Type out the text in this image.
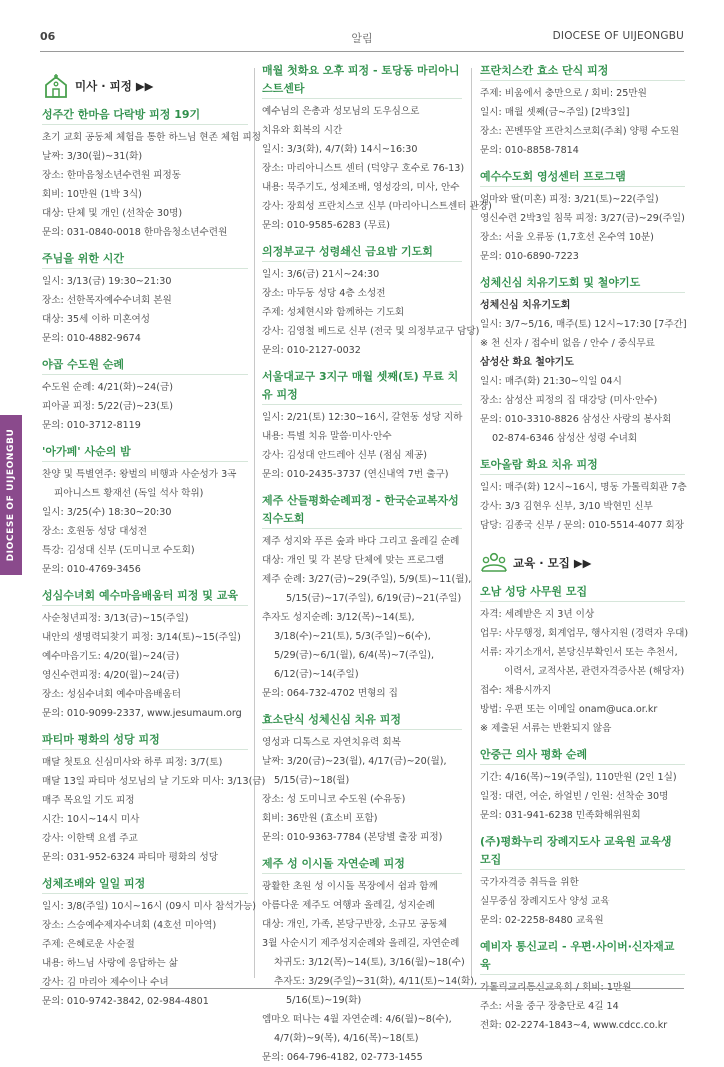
06	알림	DIOCESE OF UIJEONGBU
DIOCESE OF UIJEONGBU
미사 · 피정 ▶▶
성주간 한마음 다락방 피정 19기

초기 교회 공동체 체험을 통한 하느님 현존 체험 피정

날짜: 3/30(월)~31(화)

장소: 한마음청소년수련원 피정동

회비: 10만원 (1박 3식)

대상: 단체 및 개인 (선착순 30명)

문의: 031-0840-0018 한마음청소년수련원

주님을 위한 시간

일시: 3/13(금) 19:30~21:30

장소: 선한목자예수수녀회 본원

대상: 35세 이하 미혼여성

문의: 010-4882-9674

야곱 수도원 순례

수도원 순례: 4/21(화)~24(금)

피아골 피정: 5/22(금)~23(토)

문의: 010-3712-8119

'아가페' 사순의 밤

찬양 및 특별연주: 왕벌의 비행과 사순성가 3곡

피아니스트 황재선 (독일 석사 학위)

일시: 3/25(수) 18:30~20:30

장소: 호원동 성당 대성전

특강: 김성대 신부 (도미니코 수도회)

문의: 010-4769-3456

성심수녀회 예수마음배움터 피정 및 교육

사순청년피정: 3/13(금)~15(주일)

내안의 생명력되찾기 피정: 3/14(토)~15(주일)

예수마음기도: 4/20(월)~24(금)

영신수련피정: 4/20(월)~24(금)

장소: 성심수녀회 예수마음배움터

문의: 010-9099-2337, www.jesumaum.org

파티마 평화의 성당 피정

매달 첫토요 신심미사와 하루 피정: 3/7(토)

매달 13일 파티마 성모님의 날 기도와 미사: 3/13(금)

매주 목요일 기도 피정

시간: 10시~14시 미사

강사: 이한택 요셉 주교

문의: 031-952-6324 파티마 평화의 성당

성체조배와 일일 피정

일시: 3/8(주일) 10시~16시 (09시 미사 참석가능)

장소: 스승예수제자수녀회 (4호선 미아역)

주제: 은혜로운 사순절

내용: 하느님 사랑에 응답하는 삶

강사: 김 마리아 제수이나 수녀

문의: 010-9742-3842, 02-984-4801

매월 첫화요 오후 피정 - 토당동 마리아니스트센타

예수님의 은총과 성모님의 도우심으로

치유와 회복의 시간

일시: 3/3(화), 4/7(화) 14시~16:30

장소: 마리아니스트 센터 (덕양구 호수로 76-13)

내용: 묵주기도, 성체조배, 영성강의, 미사, 안수

강사: 장희성 프란치스코 신부 (마리아니스트센터 관장)

문의: 010-9585-6283 (무료)

의정부교구 성령쇄신 금요밤 기도회

일시: 3/6(금) 21시~24:30

장소: 마두동 성당 4층 소성전

주제: 성체현시와 함께하는 기도회

강사: 김영철 베드로 신부 (전국 및 의정부교구 담당)

문의: 010-2127-0032

서울대교구 3지구 매월 셋째(토) 무료 치유 피정

일시: 2/21(토) 12:30~16시, 갈현동 성당 지하

내용: 특별 치유 말씀·미사·안수

강사: 김성대 안드레아 신부 (점심 제공)

문의: 010-2435-3737 (연신내역 7번 출구)

제주 산들평화순례피정 - 한국순교복자성직수도회

제주 성지와 푸른 숲과 바다 그리고 올레길 순례

대상: 개인 및 각 본당 단체에 맞는 프로그램

제주 순례: 3/27(금)~29(주일), 5/9(토)~11(월),

5/15(금)~17(주일), 6/19(금)~21(주일)

추자도 성지순례: 3/12(목)~14(토),

3/18(수)~21(토), 5/3(주일)~6(수),

5/29(금)~6/1(월), 6/4(목)~7(주일),

6/12(금)~14(주일)

문의: 064-732-4702 면형의 집

효소단식 성체신심 치유 피정

영성과 디톡스로 자연치유력 회복

날짜: 3/20(금)~23(월), 4/17(금)~20(월),

5/15(금)~18(월)

장소: 성 도미니코 수도원 (수유동)

회비: 36만원 (효소비 포함)

문의: 010-9363-7784 (본당별 출장 피정)

제주 성 이시돌 자연순례 피정

광활한 초원 성 이시돌 목장에서 쉼과 함께

아름다운 제주도 여행과 올레길, 성지순례

대상: 개인, 가족, 본당구반장, 소규모 공동체

3월 사순시기 제주성지순례와 올레길, 자연순례

차귀도: 3/12(목)~14(토), 3/16(월)~18(수)

추자도: 3/29(주일)~31(화), 4/11(토)~14(화),

5/16(토)~19(화)

엠마오 떠나는 4월 자연순례: 4/6(월)~8(수),

4/7(화)~9(목), 4/16(목)~18(토)

문의: 064-796-4182, 02-773-1455

프란치스칸 효소 단식 피정

주제: 비움에서 충만으로 / 회비: 25만원

일시: 매월 셋째(금~주일) [2박3일]

장소: 꼰벤뚜알 프란치스코회(주최) 양평 수도원

문의: 010-8858-7814

예수수도회 영성센터 프로그램

엄마와 딸(미혼) 피정: 3/21(토)~22(주일)

영신수련 2박3일 침묵 피정: 3/27(금)~29(주일)

장소: 서울 오류동 (1,7호선 온수역 10분)

문의: 010-6890-7223

성체신심 치유기도회 및 철야기도
성체신심 치유기도회

일시: 3/7~5/16, 매주(토) 12시~17:30 [7주간]

※ 천 신자 / 접수비 없음 / 안수 / 중식무료

삼성산 화요 철야기도

일시: 매주(화) 21:30~익일 04시

장소: 삼성산 피정의 집 대강당 (미사·안수)

문의: 010-3310-8826 삼성산 사랑의 봉사회

02-874-6346 삼성산 성령 수녀회

토아올람 화요 치유 피정

일시: 매주(화) 12시~16시, 명동 가톨릭회관 7층

강사: 3/3 김현우 신부, 3/10 박현민 신부

담당: 김종국 신부 / 문의: 010-5514-4077 회장

교육 · 모집 ▶▶
오남 성당 사무원 모집

자격: 세례받은 지 3년 이상

업무: 사무행정, 회계업무, 행사지원 (경력자 우대)

서류: 자기소개서, 본당신부확인서 또는 추천서,

이력서, 교적사본, 관련자격증사본 (해당자)

접수: 채용시까지

방법: 우편 또는 이메일 onam@uca.or.kr

※ 제출된 서류는 반환되지 않음

안중근 의사 평화 순례

기간: 4/16(목)~19(주일), 110만원 (2인 1실)

일정: 대련, 여순, 하얼빈 / 인원: 선착순 30명

문의: 031-941-6238 민족화해위원회

(주)평화누리 장례지도사 교육원 교육생 모집

국가자격증 취득을 위한

실무중심 장례지도사 양성 교육

문의: 02-2258-8480 교육원

예비자 통신교리 - 우편·사이버·신자재교육

가톨릭교리통신교육회 / 회비: 1만원

주소: 서울 중구 장충단로 4길 14

전화: 02-2274-1843~4, www.cdcc.co.kr
